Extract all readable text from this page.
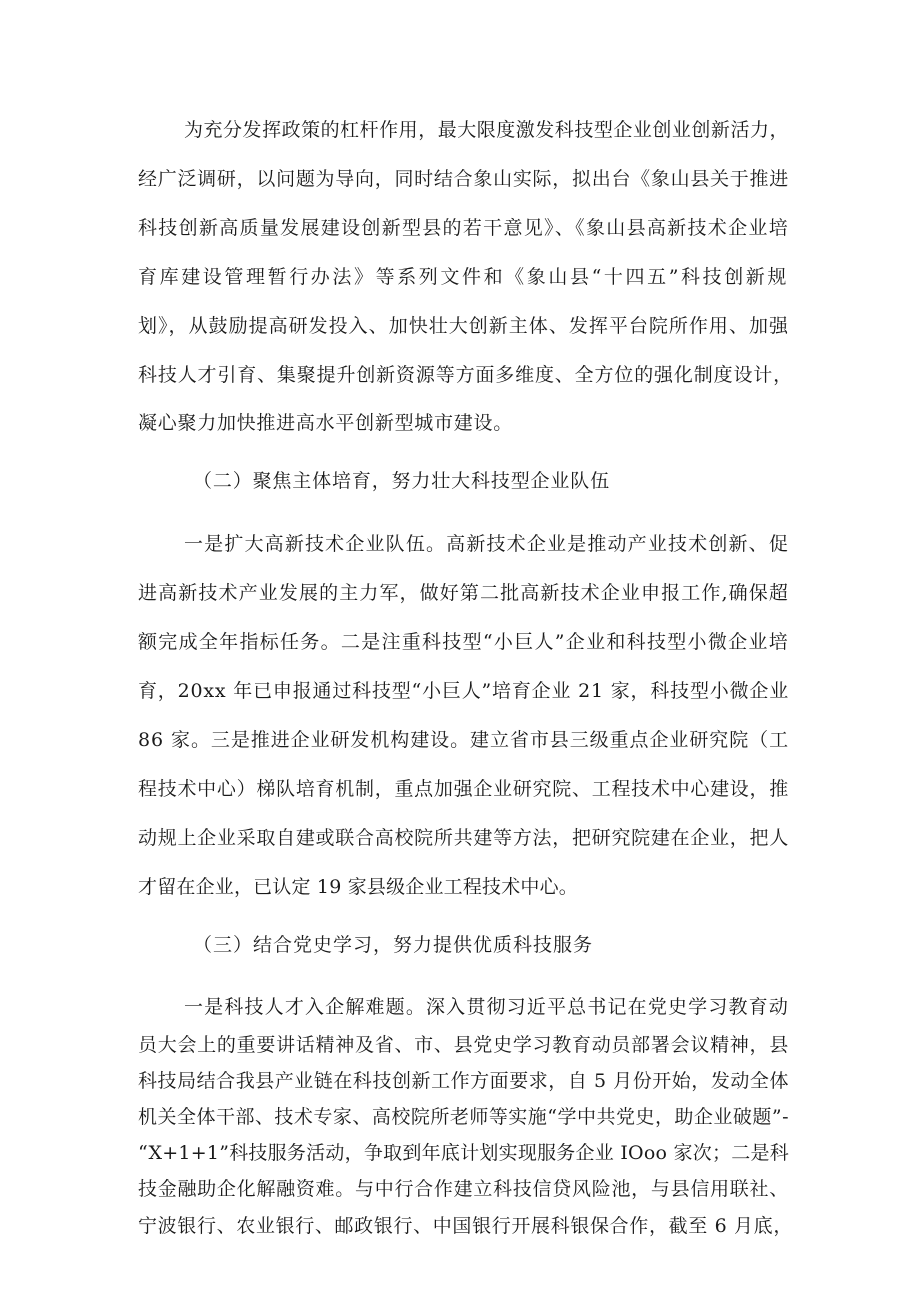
为充分发挥政策的杠杆作用，最大限度激发科技型企业创业创新活力，
经广泛调研，以问题为导向，同时结合象山实际，拟出台《象山县关于推进
科技创新高质量发展建设创新型县的若干意见》、《象山县高新技术企业培
育库建设管理暂行办法》等系列文件和《象山县“十四五”科技创新规
划》，从鼓励提高研发投入、加快壮大创新主体、发挥平台院所作用、加强
科技人才引育、集聚提升创新资源等方面多维度、全方位的强化制度设计，
凝心聚力加快推进高水平创新型城市建设。
（二）聚焦主体培育，努力壮大科技型企业队伍
一是扩大高新技术企业队伍。高新技术企业是推动产业技术创新、促
进高新技术产业发展的主力军，做好第二批高新技术企业申报工作,确保超
额完成全年指标任务。二是注重科技型“小巨人”企业和科技型小微企业培
育，20xx 年已申报通过科技型“小巨人”培育企业 21 家，科技型小微企业
86 家。三是推进企业研发机构建设。建立省市县三级重点企业研究院（工
程技术中心）梯队培育机制，重点加强企业研究院、工程技术中心建设，推
动规上企业采取自建或联合高校院所共建等方法，把研究院建在企业，把人
才留在企业，已认定 19 家县级企业工程技术中心。
（三）结合党史学习，努力提供优质科技服务
一是科技人才入企解难题。深入贯彻习近平总书记在党史学习教育动
员大会上的重要讲话精神及省、市、县党史学习教育动员部署会议精神，县
科技局结合我县产业链在科技创新工作方面要求，自 5 月份开始，发动全体
机关全体干部、技术专家、高校院所老师等实施“学中共党史，助企业破题”-
“X+1+1”科技服务活动，争取到年底计划实现服务企业 IOoo 家次；二是科
技金融助企化解融资难。与中行合作建立科技信贷风险池，与县信用联社、
宁波银行、农业银行、邮政银行、中国银行开展科银保合作，截至 6 月底，
